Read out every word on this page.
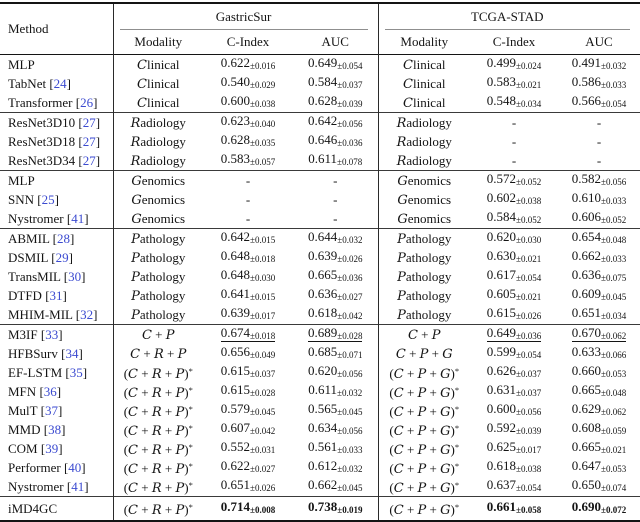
Method	GastricSur			TCGA-STAD		

	Modality	C-Index	AUC	Modality	C-Index	AUC
MLP	Clinical	$0.622_{\pm 0.016}$	$0.649_{\pm 0.054}$	Clinical	$0.499_{\pm 0.024}$	$0.491_{\pm 0.032}$
TabNet [24]	Clinical	$0.540_{\pm 0.029}$	$0.584_{\pm 0.037}$	Clinical	$0.583_{\pm 0.021}$	$0.586_{\pm 0.033}$
Transformer [26]	Clinical	$0.600_{\pm 0.038}$	$0.628_{\pm 0.039}$	Clinical	$0.548_{\pm 0.034}$	$0.566_{\pm 0.054}$
ResNet3D10 [27]	Radiology	$0.623_{\pm 0.040}$	$0.642_{\pm 0.056}$	Radiology	-	-
ResNet3D18 [27]	Radiology	$0.628_{\pm 0.035}$	$0.646_{\pm 0.036}$	Radiology	-	-
ResNet3D34 [27]	Radiology	$0.583_{\pm 0.057}$	$0.611_{\pm 0.078}$	Radiology	-	-
MLP	Genomics	-	-	Genomics	$0.572_{\pm 0.052}$	$0.582_{\pm 0.056}$
SNN [25]	Genomics	-	-	Genomics	$0.602_{\pm 0.038}$	$0.610_{\pm 0.033}$
Nystromer [41]	Genomics	-	-	Genomics	$0.584_{\pm 0.052}$	$0.606_{\pm 0.052}$
ABMIL [28]	Pathology	$0.642_{\pm 0.015}$	$0.644_{\pm 0.032}$	Pathology	$0.620_{\pm 0.030}$	$0.654_{\pm 0.048}$
DSMIL [29]	Pathology	$0.648_{\pm 0.018}$	$0.639_{\pm 0.026}$	Pathology	$0.630_{\pm 0.021}$	$0.662_{\pm 0.033}$
TransMIL [30]	Pathology	$0.648_{\pm 0.030}$	$0.665_{\pm 0.036}$	Pathology	$0.617_{\pm 0.054}$	$0.636_{\pm 0.075}$
DTFD [31]	Pathology	$0.641_{\pm 0.015}$	$0.636_{\pm 0.027}$	Pathology	$0.605_{\pm 0.021}$	$0.609_{\pm 0.045}$
MHIM-MIL [32]	Pathology	$0.639_{\pm 0.017}$	$0.618_{\pm 0.042}$	Pathology	$0.615_{\pm 0.026}$	$0.651_{\pm 0.034}$
M3IF [33]	C + P	$0.674_{\pm 0.018}$	$0.689_{\pm 0.028}$	C + P	$0.649_{\pm 0.036}$	$0.670_{\pm 0.062}$
HFBSurv [34]	C + R + P	$0.656_{\pm 0.049}$	$0.685_{\pm 0.071}$	C + P + G	$0.599_{\pm 0.054}$	$0.633_{\pm 0.066}$
EF-LSTM [35]	(C + R + P)*	$0.615_{\pm 0.037}$	$0.620_{\pm 0.056}$	(C + P + G)*	$0.626_{\pm 0.037}$	$0.660_{\pm 0.053}$
MFN [36]	(C + R + P)*	$0.615_{\pm 0.028}$	$0.611_{\pm 0.032}$	(C + P + G)*	$0.631_{\pm 0.037}$	$0.665_{\pm 0.048}$
MulT [37]	(C + R + P)*	$0.579_{\pm 0.045}$	$0.565_{\pm 0.045}$	(C + P + G)*	$0.600_{\pm 0.056}$	$0.629_{\pm 0.062}$
MMD [38]	(C + R + P)*	$0.607_{\pm 0.042}$	$0.634_{\pm 0.056}$	(C + P + G)*	$0.592_{\pm 0.039}$	$0.608_{\pm 0.059}$
COM [39]	(C + R + P)*	$0.552_{\pm 0.031}$	$0.561_{\pm 0.033}$	(C + P + G)*	$0.625_{\pm 0.017}$	$0.665_{\pm 0.021}$
Performer [40]	(C + R + P)*	$0.622_{\pm 0.027}$	$0.612_{\pm 0.032}$	(C + P + G)*	$0.618_{\pm 0.038}$	$0.647_{\pm 0.053}$
Nystromer [41]	(C + R + P)*	$0.651_{\pm 0.026}$	$0.662_{\pm 0.045}$	(C + P + G)*	$0.637_{\pm 0.054}$	$0.650_{\pm 0.074}$
iMD4GC	(C + R + P)*	$0.714_{\pm 0.008}$	$0.738_{\pm 0.019}$	(C + P + G)*	$0.661_{\pm 0.058}$	$0.690_{\pm 0.072}$
